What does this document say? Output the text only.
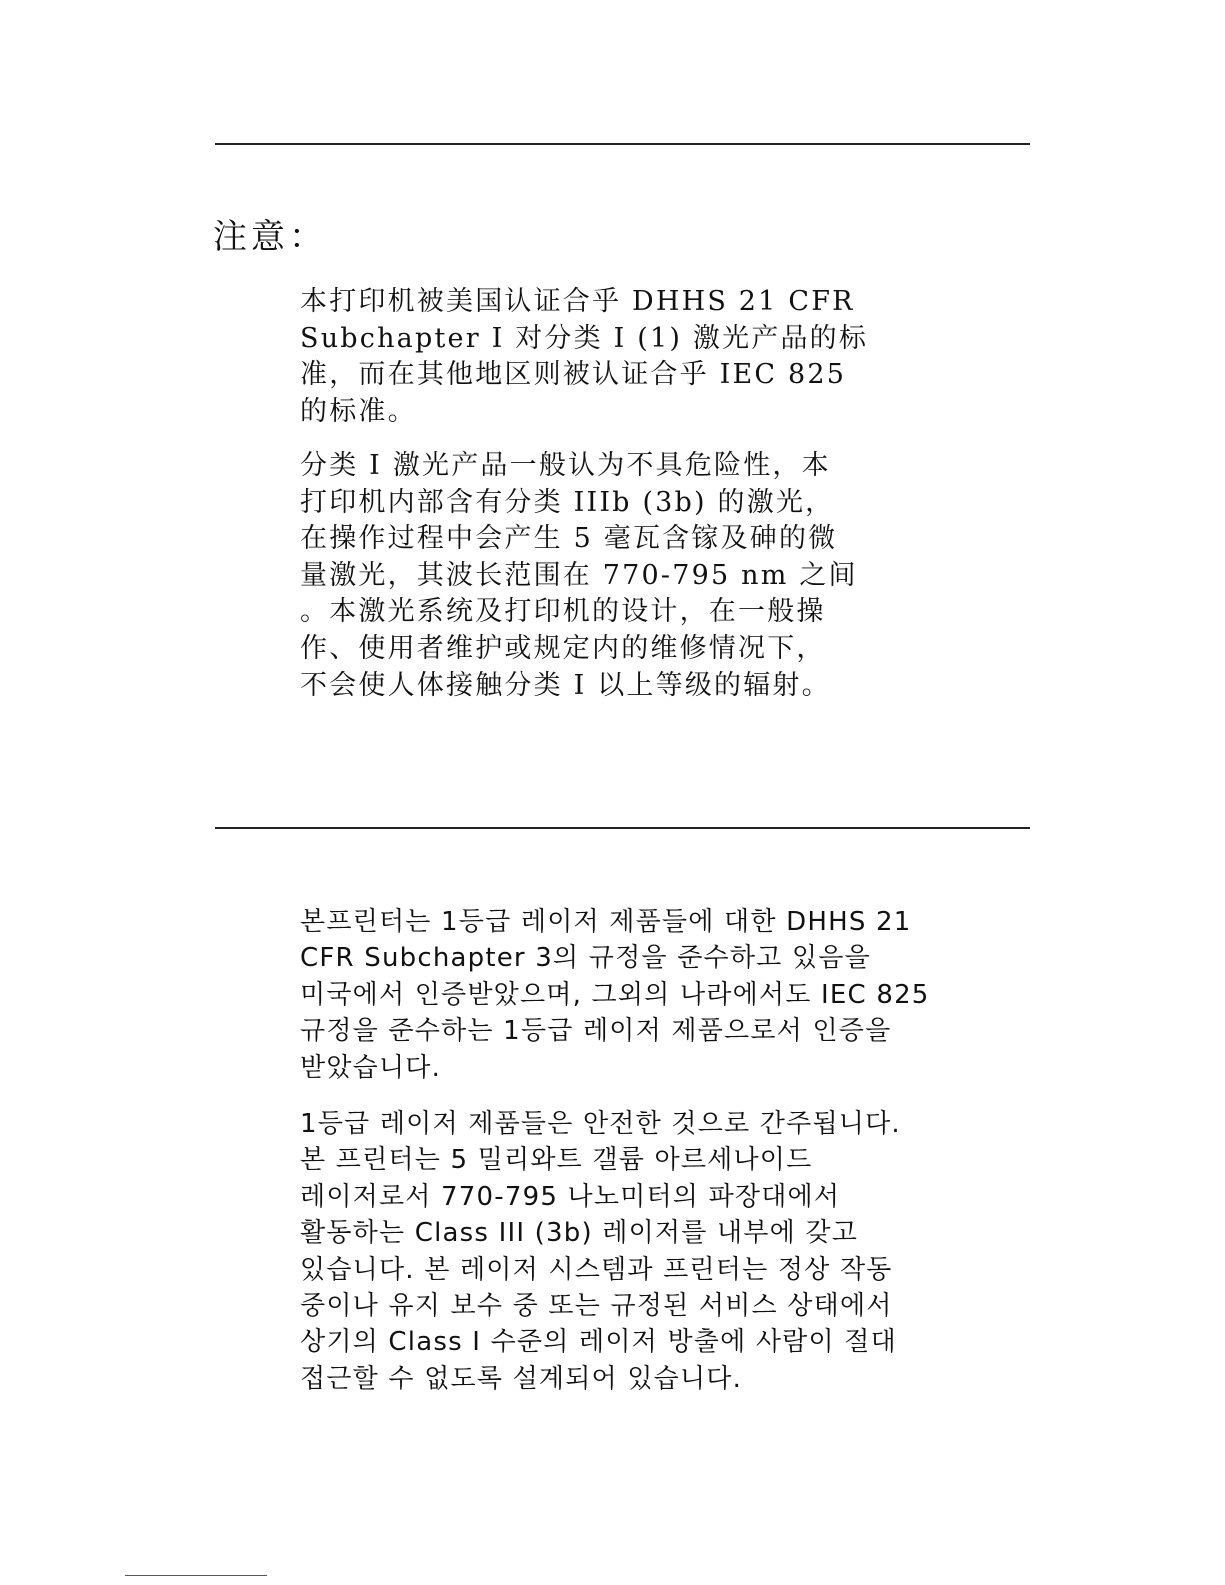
注意：

本打印机被美国认证合乎 DHHS 21 CFR
Subchapter I 对分类 I (1) 激光产品的标
准，而在其他地区则被认证合乎 IEC 825
的标准。

分类 I 激光产品一般认为不具危险性，本
打印机内部含有分类 IIIb (3b) 的激光，
在操作过程中会产生 5 毫瓦含镓及砷的微
量激光，其波长范围在 770-795 nm 之间
。本激光系统及打印机的设计，在一般操
作、使用者维护或规定内的维修情况下，
不会使人体接触分类 I 以上等级的辐射。

본프린터는 1등급 레이저 제품들에 대한 DHHS 21
CFR Subchapter 3의 규정을 준수하고 있음을
미국에서 인증받았으며, 그외의 나라에서도 IEC 825
규정을 준수하는 1등급 레이저 제품으로서 인증을
받았습니다.

1등급 레이저 제품들은 안전한 것으로 간주됩니다.
본 프린터는 5 밀리와트 갤륨 아르세나이드
레이저로서 770-795 나노미터의 파장대에서
활동하는 Class III (3b) 레이저를 내부에 갖고
있습니다. 본 레이저 시스템과 프린터는 정상 작동
중이나 유지 보수 중 또는 규정된 서비스 상태에서
상기의 Class I 수준의 레이저 방출에 사람이 절대
접근할 수 없도록 설계되어 있습니다.
